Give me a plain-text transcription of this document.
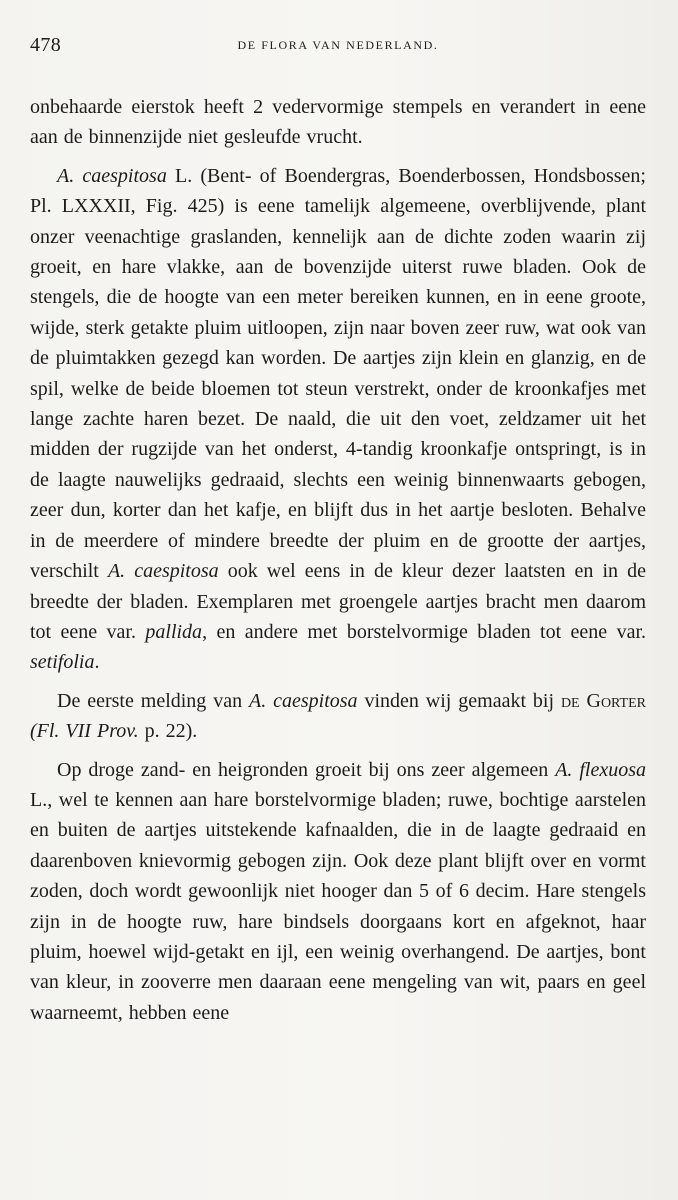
478	DE FLORA VAN NEDERLAND.

onbehaarde eierstok heeft 2 vedervormige stempels en verandert in eene aan de binnenzijde niet gesleufde vrucht.

A. caespitosa L. (Bent- of Boendergras, Boenderbossen, Hondsbossen; Pl. LXXXII, Fig. 425) is eene tamelijk algemeene, overblijvende, plant onzer veenachtige graslanden, kennelijk aan de dichte zoden waarin zij groeit, en hare vlakke, aan de bovenzijde uiterst ruwe bladen. Ook de stengels, die de hoogte van een meter bereiken kunnen, en in eene groote, wijde, sterk getakte pluim uitloopen, zijn naar boven zeer ruw, wat ook van de pluimtakken gezegd kan worden. De aartjes zijn klein en glanzig, en de spil, welke de beide bloemen tot steun verstrekt, onder de kroonkafjes met lange zachte haren bezet. De naald, die uit den voet, zeldzamer uit het midden der rugzijde van het onderst, 4-tandig kroonkafje ontspringt, is in de laagte nauwelijks gedraaid, slechts een weinig binnenwaarts gebogen, zeer dun, korter dan het kafje, en blijft dus in het aartje besloten. Behalve in de meerdere of mindere breedte der pluim en de grootte der aartjes, verschilt A. caespitosa ook wel eens in de kleur dezer laatsten en in de breedte der bladen. Exemplaren met groengele aartjes bracht men daarom tot eene var. pallida, en andere met borstelvormige bladen tot eene var. setifolia.

De eerste melding van A. caespitosa vinden wij gemaakt bij de Gorter (Fl. VII Prov. p. 22).

Op droge zand- en heigronden groeit bij ons zeer algemeen A. flexuosa L., wel te kennen aan hare borstelvormige bladen; ruwe, bochtige aarstelen en buiten de aartjes uitstekende kafnaalden, die in de laagte gedraaid en daarenboven knievormig gebogen zijn. Ook deze plant blijft over en vormt zoden, doch wordt gewoonlijk niet hooger dan 5 of 6 decim. Hare stengels zijn in de hoogte ruw, hare bindsels doorgaans kort en afgeknot, haar pluim, hoewel wijd-getakt en ijl, een weinig overhangend. De aartjes, bont van kleur, in zooverre men daaraan eene mengeling van wit, paars en geel waarneemt, hebben eene
